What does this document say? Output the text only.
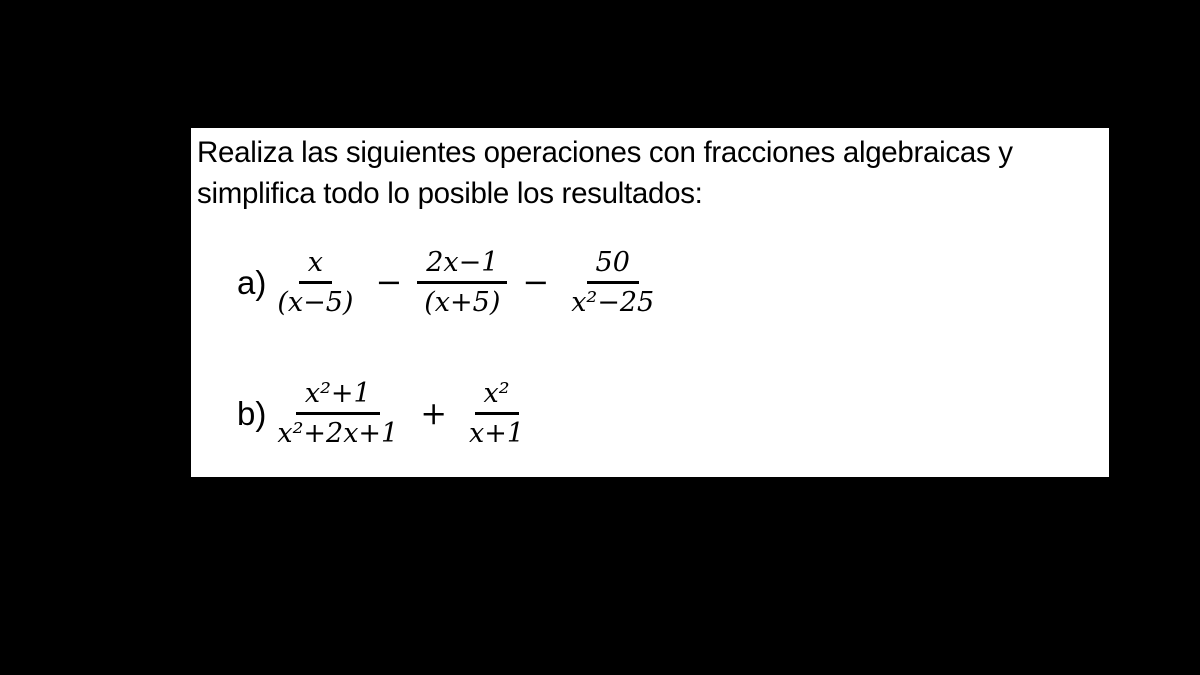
Realiza las siguientes operaciones con fracciones algebraicas y
simplifica todo lo posible los resultados:
$a) \frac{x}{(x-5)} - \frac{2x-1}{(x+5)} - \frac{50}{\text{x²−25}}$
$b) \frac{\text{x²+1}}{\text{x²+2x+1}} + \frac{\text{x²}}{x+1}$
